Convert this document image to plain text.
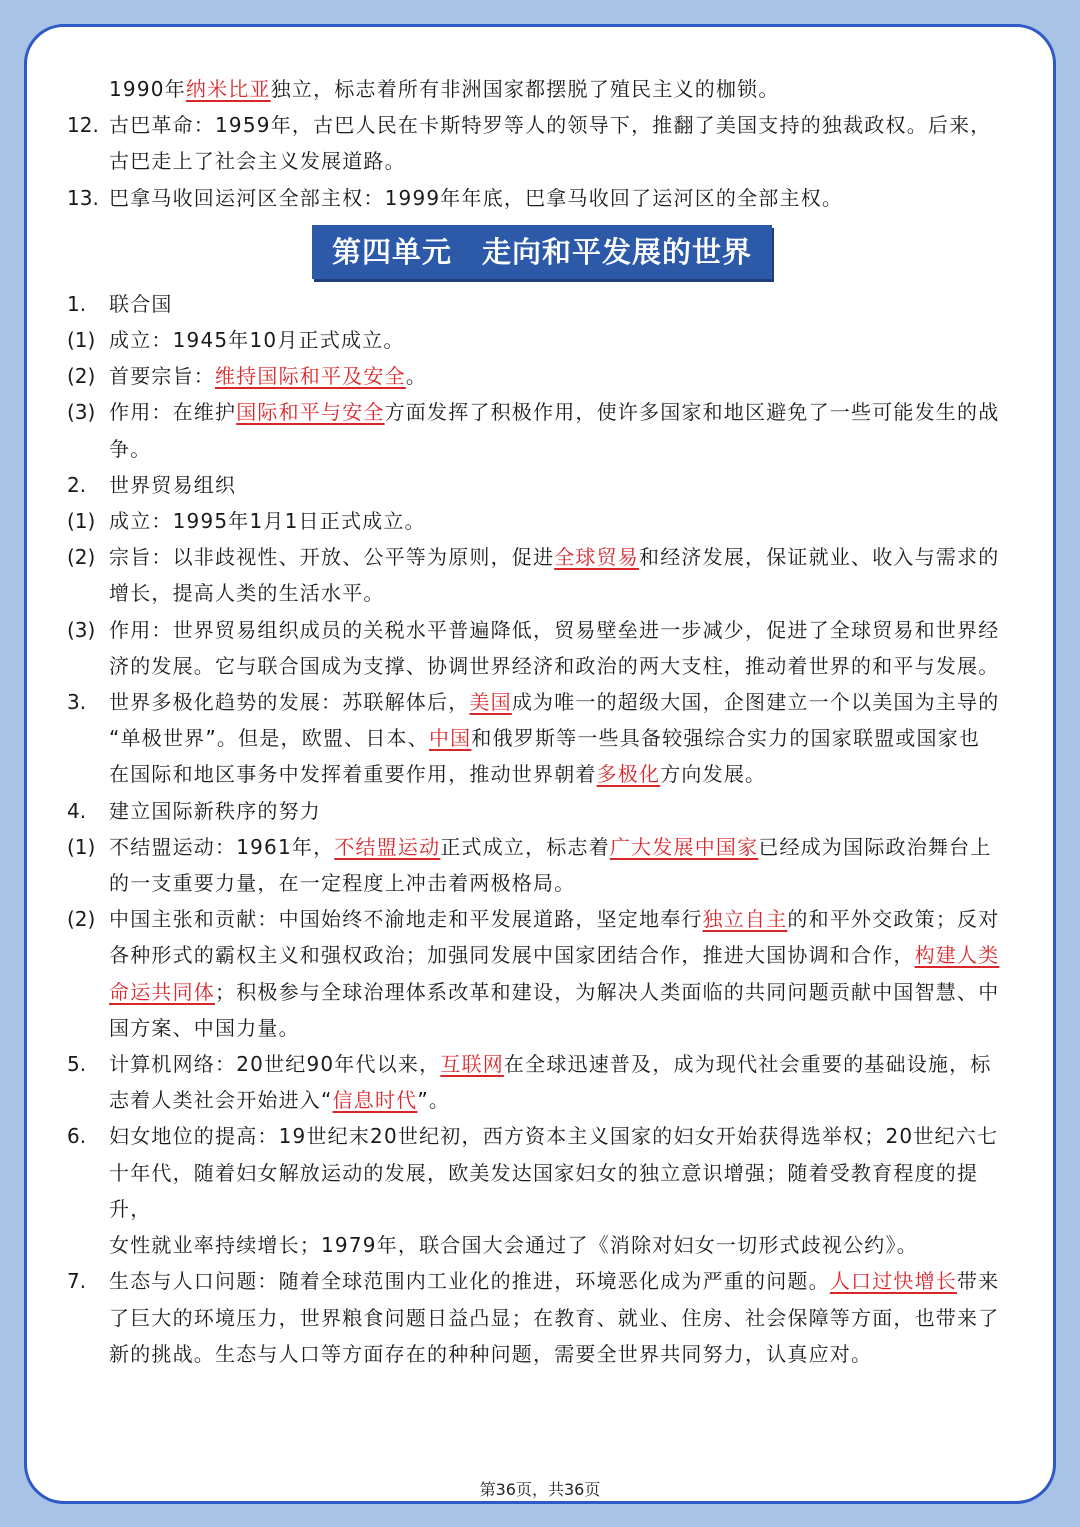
1990年纳米比亚独立，标志着所有非洲国家都摆脱了殖民主义的枷锁。
12. 古巴革命：1959年，古巴人民在卡斯特罗等人的领导下，推翻了美国支持的独裁政权。后来，
古巴走上了社会主义发展道路。
13. 巴拿马收回运河区全部主权：1999年年底，巴拿马收回了运河区的全部主权。
第四单元　走向和平发展的世界
1. 联合国
(1) 成立：1945年10月正式成立。
(2) 首要宗旨：维持国际和平及安全。
(3) 作用：在维护国际和平与安全方面发挥了积极作用，使许多国家和地区避免了一些可能发生的战
争。
2. 世界贸易组织
(1) 成立：1995年1月1日正式成立。
(2) 宗旨：以非歧视性、开放、公平等为原则，促进全球贸易和经济发展，保证就业、收入与需求的
增长，提高人类的生活水平。
(3) 作用：世界贸易组织成员的关税水平普遍降低，贸易壁垒进一步减少，促进了全球贸易和世界经
济的发展。它与联合国成为支撑、协调世界经济和政治的两大支柱，推动着世界的和平与发展。
3. 世界多极化趋势的发展：苏联解体后，美国成为唯一的超级大国，企图建立一个以美国为主导的
“单极世界”。但是，欧盟、日本、中国和俄罗斯等一些具备较强综合实力的国家联盟或国家也
在国际和地区事务中发挥着重要作用，推动世界朝着多极化方向发展。
4. 建立国际新秩序的努力
(1) 不结盟运动：1961年，不结盟运动正式成立，标志着广大发展中国家已经成为国际政治舞台上
的一支重要力量，在一定程度上冲击着两极格局。
(2) 中国主张和贡献：中国始终不渝地走和平发展道路，坚定地奉行独立自主的和平外交政策；反对
各种形式的霸权主义和强权政治；加强同发展中国家团结合作，推进大国协调和合作，构建人类
命运共同体；积极参与全球治理体系改革和建设，为解决人类面临的共同问题贡献中国智慧、中
国方案、中国力量。
5. 计算机网络：20世纪90年代以来，互联网在全球迅速普及，成为现代社会重要的基础设施，标
志着人类社会开始进入“信息时代”。
6. 妇女地位的提高：19世纪末20世纪初，西方资本主义国家的妇女开始获得选举权；20世纪六七
十年代，随着妇女解放运动的发展，欧美发达国家妇女的独立意识增强；随着受教育程度的提升，
女性就业率持续增长；1979年，联合国大会通过了《消除对妇女一切形式歧视公约》。
7. 生态与人口问题：随着全球范围内工业化的推进，环境恶化成为严重的问题。人口过快增长带来
了巨大的环境压力，世界粮食问题日益凸显；在教育、就业、住房、社会保障等方面，也带来了
新的挑战。生态与人口等方面存在的种种问题，需要全世界共同努力，认真应对。
第36页，共36页
